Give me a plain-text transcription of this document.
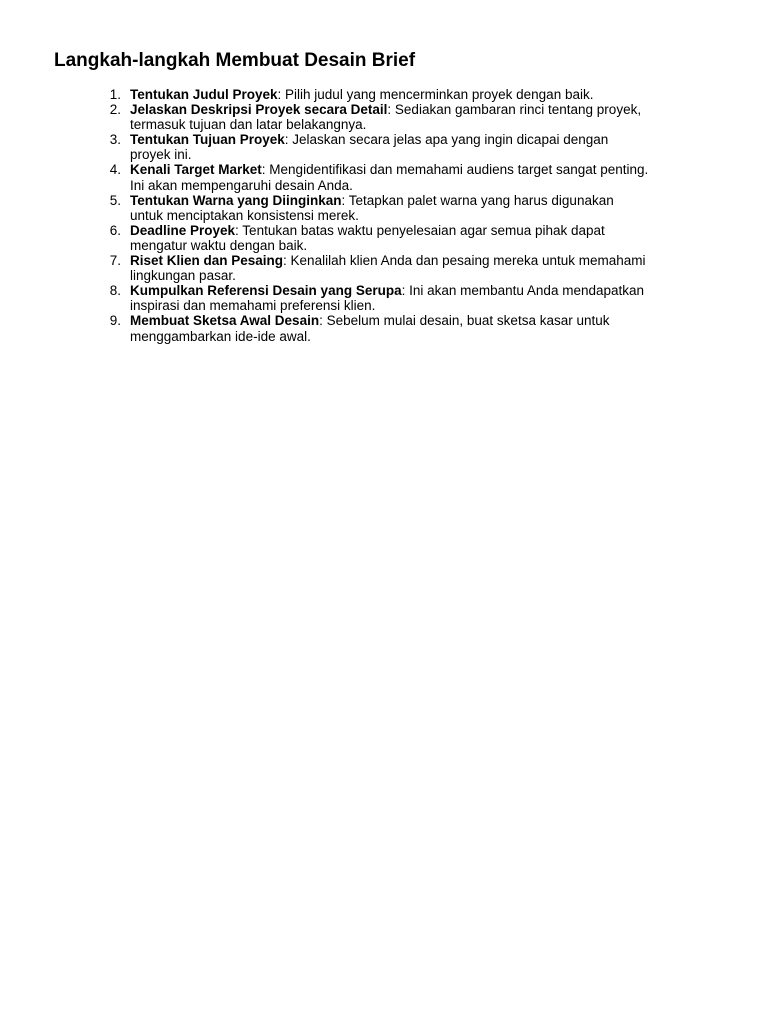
Langkah-langkah Membuat Desain Brief
1. Tentukan Judul Proyek: Pilih judul yang mencerminkan proyek dengan baik.
2. Jelaskan Deskripsi Proyek secara Detail: Sediakan gambaran rinci tentang proyek,
termasuk tujuan dan latar belakangnya.
3. Tentukan Tujuan Proyek: Jelaskan secara jelas apa yang ingin dicapai dengan
proyek ini.
4. Kenali Target Market: Mengidentifikasi dan memahami audiens target sangat penting.
Ini akan mempengaruhi desain Anda.
5. Tentukan Warna yang Diinginkan: Tetapkan palet warna yang harus digunakan
untuk menciptakan konsistensi merek.
6. Deadline Proyek: Tentukan batas waktu penyelesaian agar semua pihak dapat
mengatur waktu dengan baik.
7. Riset Klien dan Pesaing: Kenalilah klien Anda dan pesaing mereka untuk memahami
lingkungan pasar.
8. Kumpulkan Referensi Desain yang Serupa: Ini akan membantu Anda mendapatkan
inspirasi dan memahami preferensi klien.
9. Membuat Sketsa Awal Desain: Sebelum mulai desain, buat sketsa kasar untuk
menggambarkan ide-ide awal.
